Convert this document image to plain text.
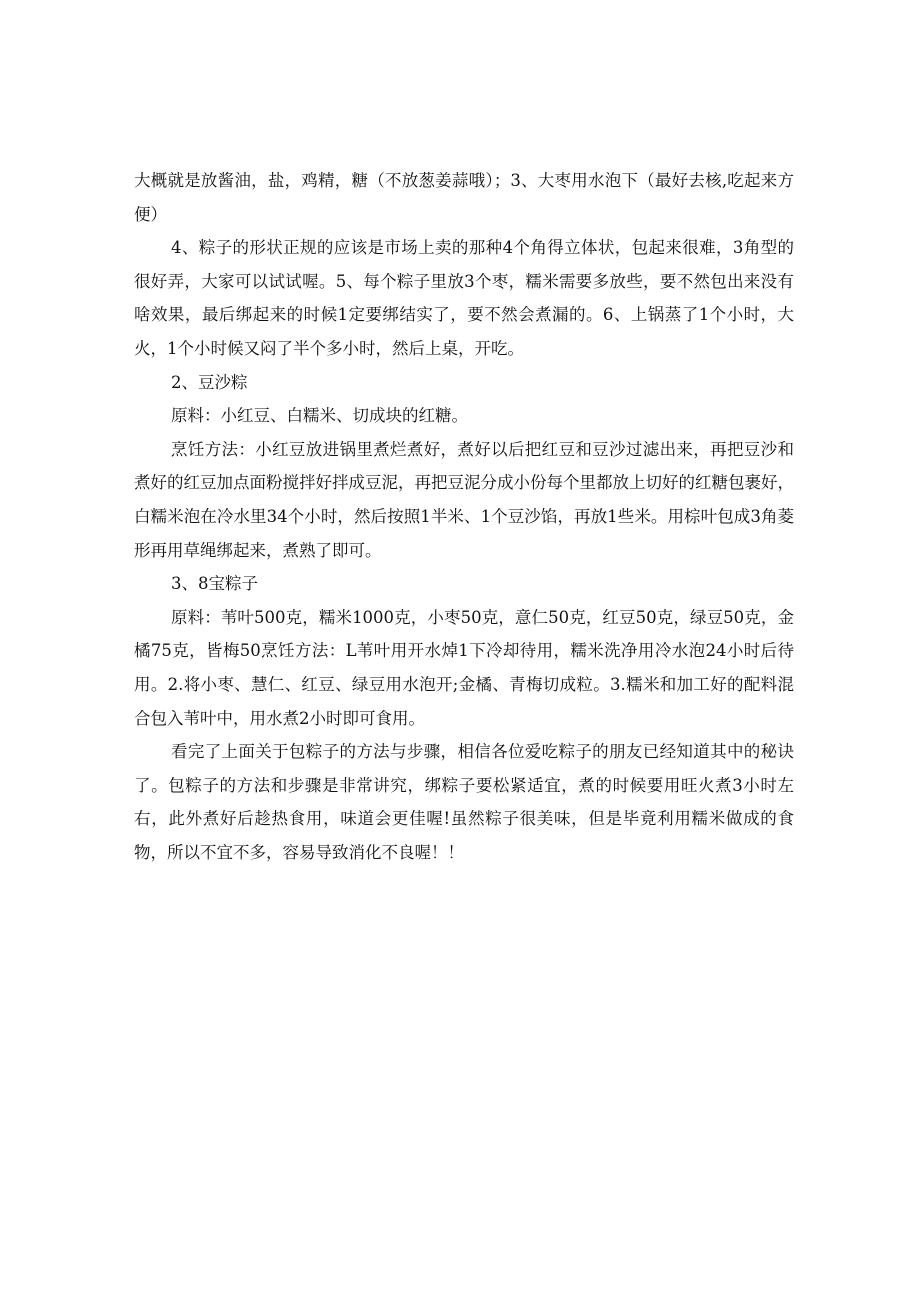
大概就是放酱油，盐，鸡精，糖（不放葱姜蒜哦）；3、大枣用水泡下（最好去核,吃起来方便）

4、粽子的形状正规的应该是市场上卖的那种4个角得立体状，包起来很难，3角型的很好弄，大家可以试试喔。5、每个粽子里放3个枣，糯米需要多放些，要不然包出来没有啥效果，最后绑起来的时候1定要绑结实了，要不然会煮漏的。6、上锅蒸了1个小时，大火，1个小时候又闷了半个多小时，然后上桌，开吃。

2、豆沙粽

原料：小红豆、白糯米、切成块的红糖。

烹饪方法：小红豆放进锅里煮烂煮好，煮好以后把红豆和豆沙过滤出来，再把豆沙和煮好的红豆加点面粉搅拌好拌成豆泥，再把豆泥分成小份每个里都放上切好的红糖包裹好，白糯米泡在冷水里34个小时，然后按照1半米、1个豆沙馅，再放1些米。用棕叶包成3角菱形再用草绳绑起来，煮熟了即可。

3、8宝粽子

原料：苇叶500克，糯米1000克，小枣50克，意仁50克，红豆50克，绿豆50克，金橘75克，皆梅50烹饪方法：L苇叶用开水焯1下冷却待用，糯米洗净用冷水泡24小时后待用。2.将小枣、慧仁、红豆、绿豆用水泡开;金橘、青梅切成粒。3.糯米和加工好的配料混合包入苇叶中，用水煮2小时即可食用。

看完了上面关于包粽子的方法与步骤，相信各位爱吃粽子的朋友已经知道其中的秘诀了。包粽子的方法和步骤是非常讲究，绑粽子要松紧适宜，煮的时候要用旺火煮3小时左右，此外煮好后趁热食用，味道会更佳喔!虽然粽子很美味，但是毕竟利用糯米做成的食物，所以不宜不多，容易导致消化不良喔！！
